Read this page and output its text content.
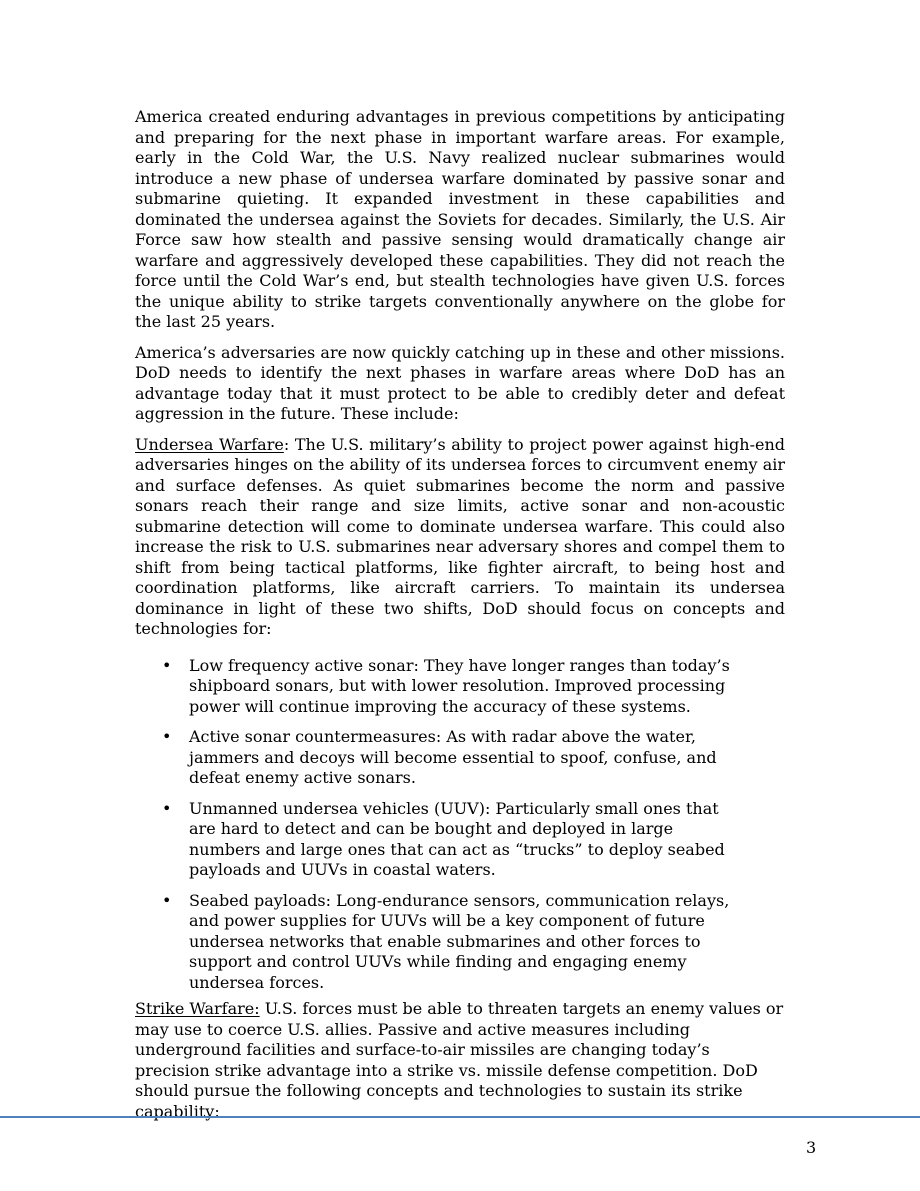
America created enduring advantages in previous competitions by anticipating and preparing for the next phase in important warfare areas. For example, early in the Cold War, the U.S. Navy realized nuclear submarines would introduce a new phase of undersea warfare dominated by passive sonar and submarine quieting. It expanded investment in these capabilities and dominated the undersea against the Soviets for decades. Similarly, the U.S. Air Force saw how stealth and passive sensing would dramatically change air warfare and aggressively developed these capabilities. They did not reach the force until the Cold War’s end, but stealth technologies have given U.S. forces the unique ability to strike targets conventionally anywhere on the globe for the last 25 years.

America’s adversaries are now quickly catching up in these and other missions. DoD needs to identify the next phases in warfare areas where DoD has an advantage today that it must protect to be able to credibly deter and defeat aggression in the future. These include:

Undersea Warfare: The U.S. military’s ability to project power against high-end adversaries hinges on the ability of its undersea forces to circumvent enemy air and surface defenses. As quiet submarines become the norm and passive sonars reach their range and size limits, active sonar and non-acoustic submarine detection will come to dominate undersea warfare. This could also increase the risk to U.S. submarines near adversary shores and compel them to shift from being tactical platforms, like fighter aircraft, to being host and coordination platforms, like aircraft carriers. To maintain its undersea dominance in light of these two shifts, DoD should focus on concepts and technologies for:

• Low frequency active sonar: They have longer ranges than today’s shipboard sonars, but with lower resolution. Improved processing power will continue improving the accuracy of these systems.
• Active sonar countermeasures: As with radar above the water, jammers and decoys will become essential to spoof, confuse, and defeat enemy active sonars.
• Unmanned undersea vehicles (UUV): Particularly small ones that are hard to detect and can be bought and deployed in large numbers and large ones that can act as “trucks” to deploy seabed payloads and UUVs in coastal waters.
• Seabed payloads: Long-endurance sensors, communication relays, and power supplies for UUVs will be a key component of future undersea networks that enable submarines and other forces to support and control UUVs while finding and engaging enemy undersea forces.

Strike Warfare: U.S. forces must be able to threaten targets an enemy values or may use to coerce U.S. allies. Passive and active measures including underground facilities and surface-to-air missiles are changing today’s precision strike advantage into a strike vs. missile defense competition. DoD should pursue the following concepts and technologies to sustain its strike capability:

3
